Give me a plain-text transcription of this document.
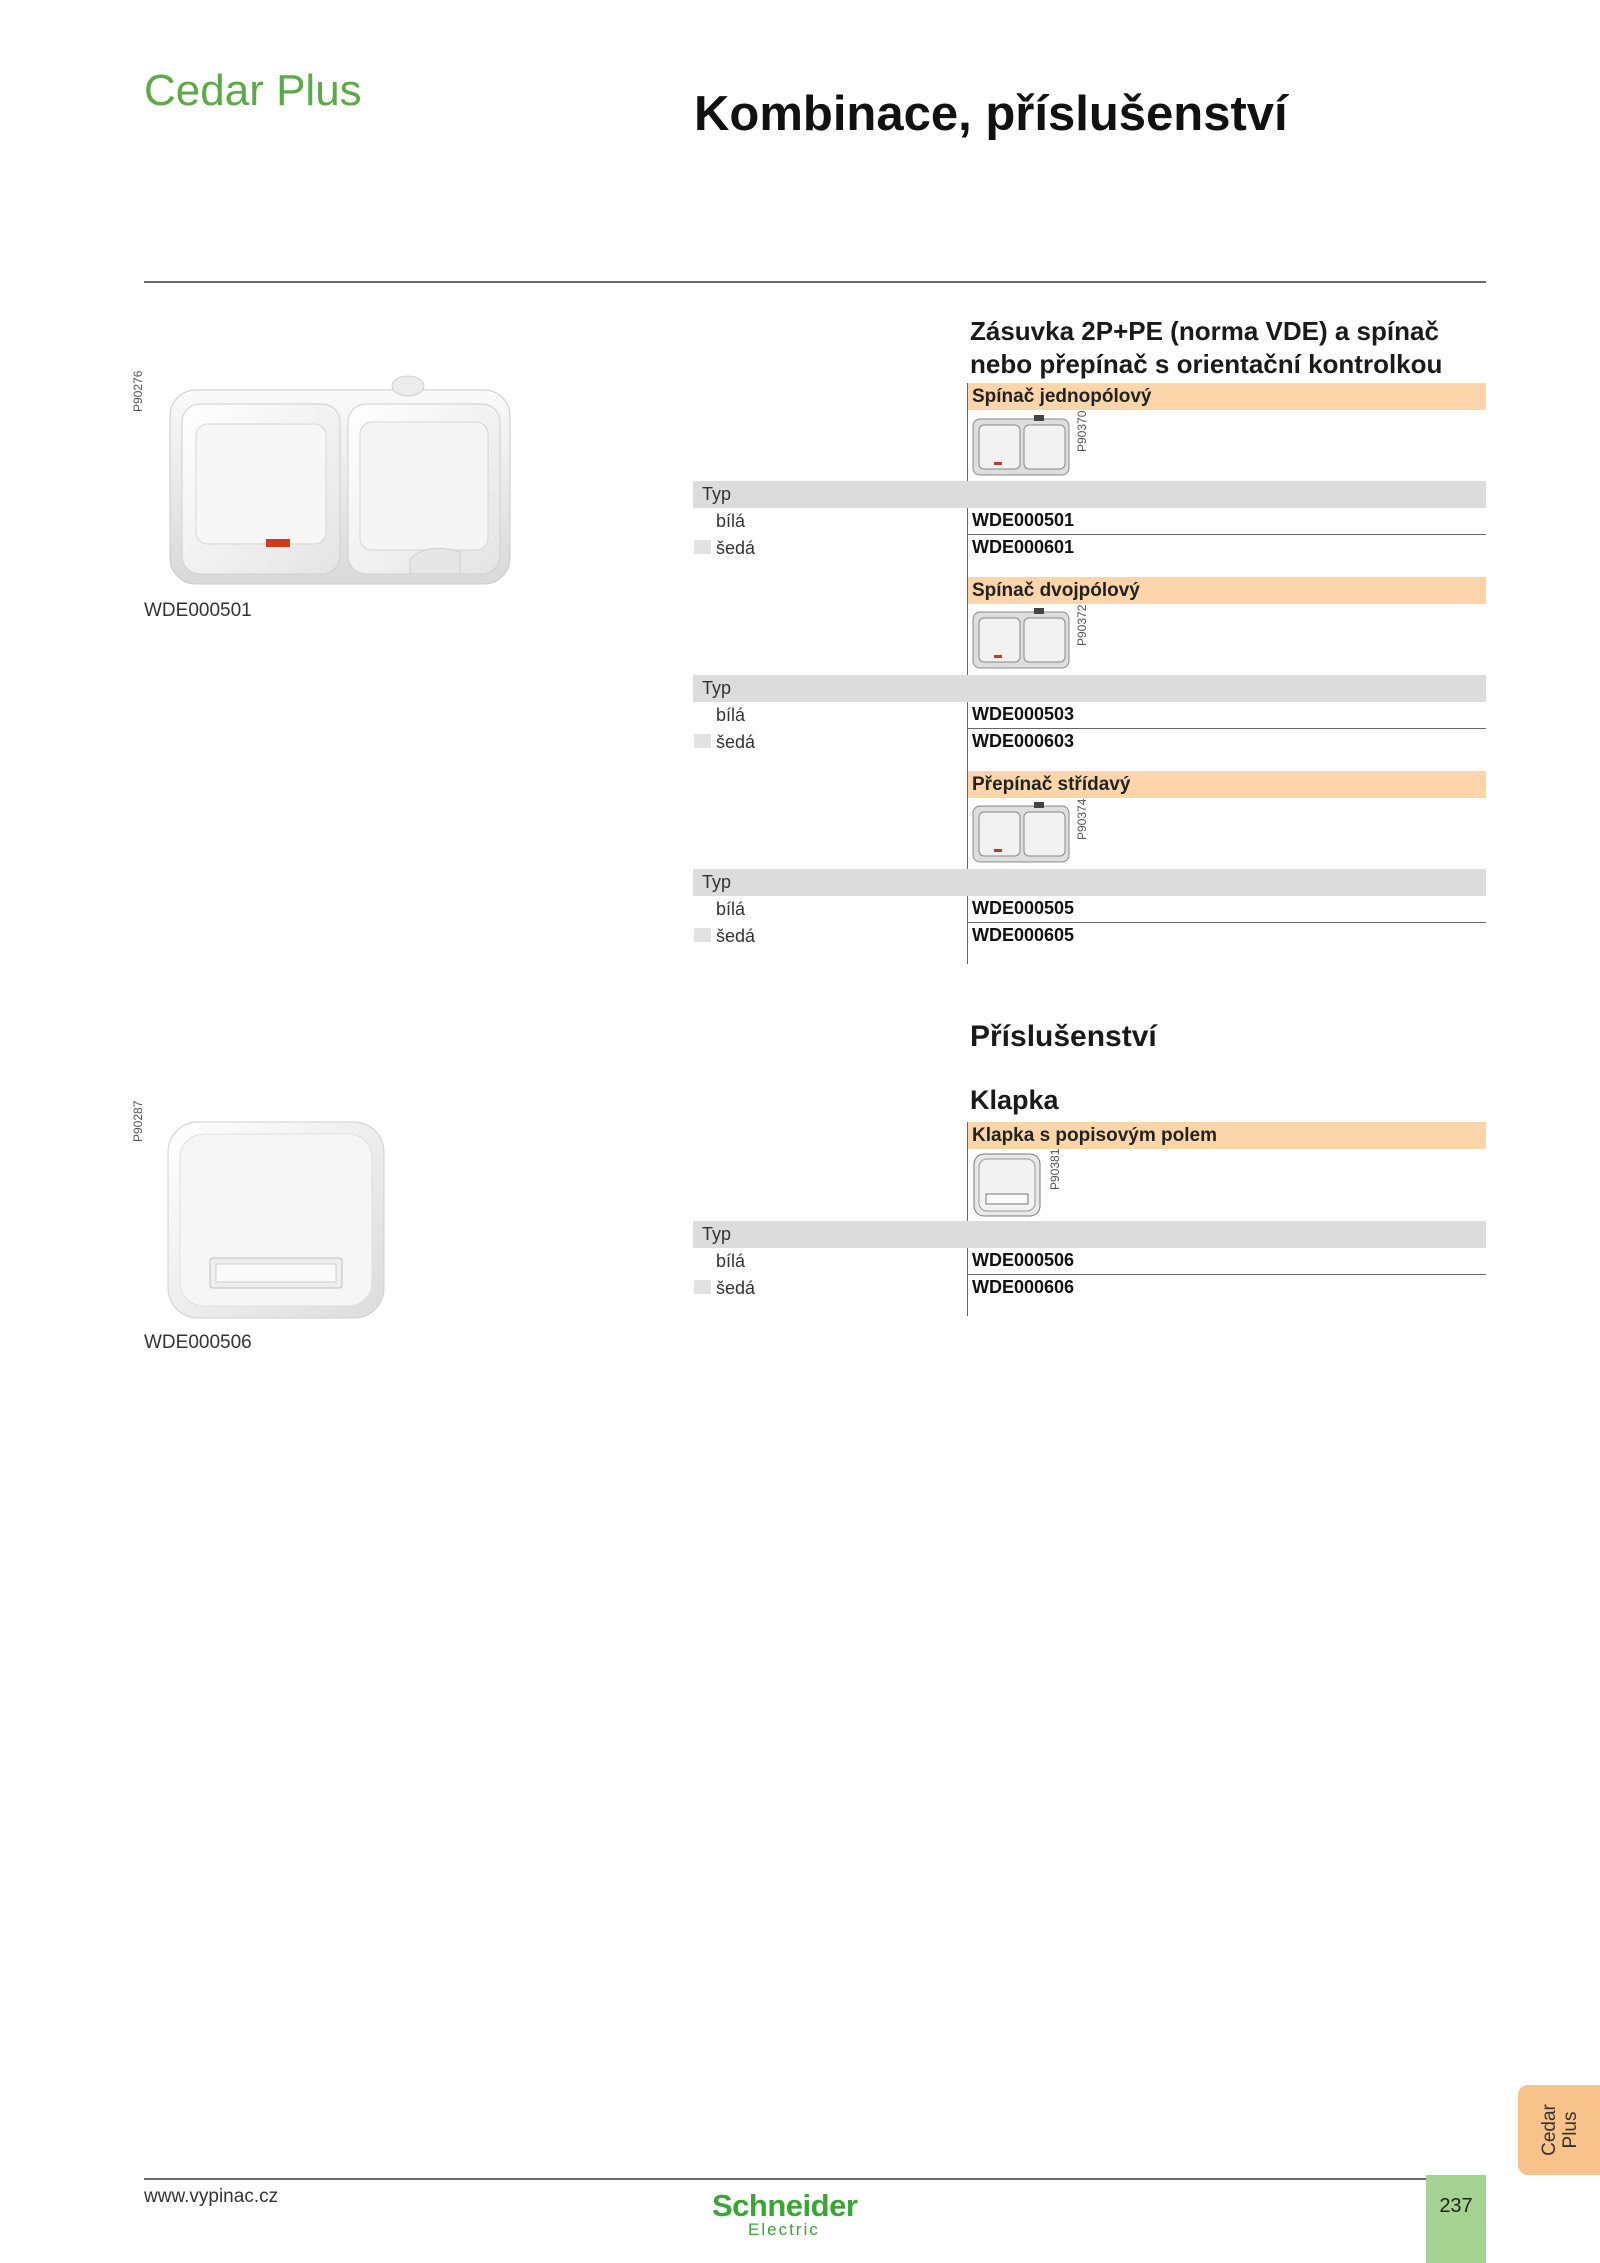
Cedar Plus	Kombinace, příslušenství
P90276
WDE000501
Zásuvka 2P+PE (norma VDE) a spínač
nebo přepínač s orientační kontrolkou
Spínač jednopólový
P90370
Typ
bílá	WDE000501
šedá	WDE000601
Spínač dvojpólový
P90372
Typ
bílá	WDE000503
šedá	WDE000603
Přepínač střídavý
P90374
Typ
bílá	WDE000505
šedá	WDE000605
Příslušenství
Klapka
P90287
WDE000506
Klapka s popisovým polem
P90381
Typ
bílá	WDE000506
šedá	WDE000606
Cedar Plus
www.vypinac.cz	Schneider
Electric
237
